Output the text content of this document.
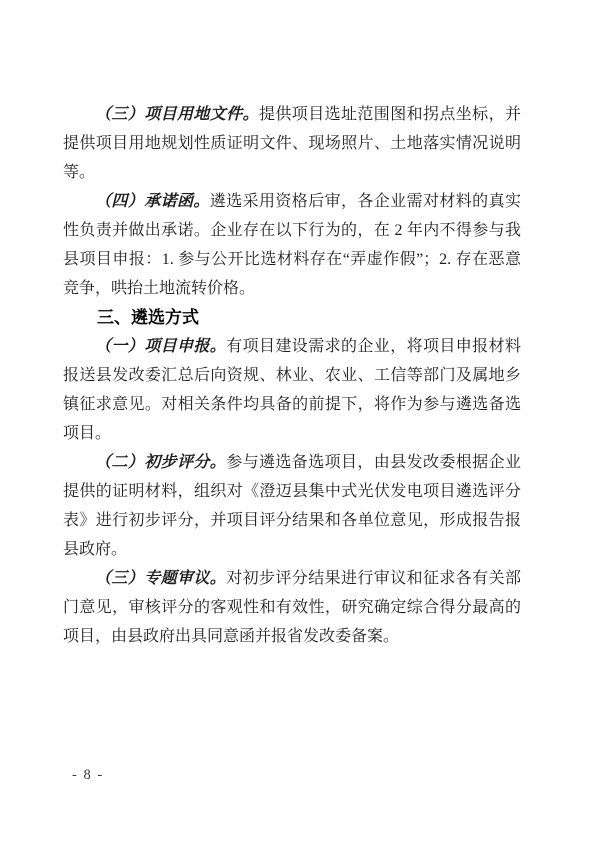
（三）项目用地文件。提供项目选址范围图和拐点坐标，并提供项目用地规划性质证明文件、现场照片、土地落实情况说明等。

（四）承诺函。遴选采用资格后审，各企业需对材料的真实性负责并做出承诺。企业存在以下行为的，在 2 年内不得参与我县项目申报：1. 参与公开比选材料存在“弄虚作假”；2. 存在恶意竞争，哄抬土地流转价格。

三、遴选方式

（一）项目申报。有项目建设需求的企业，将项目申报材料报送县发改委汇总后向资规、林业、农业、工信等部门及属地乡镇征求意见。对相关条件均具备的前提下，将作为参与遴选备选项目。

（二）初步评分。参与遴选备选项目，由县发改委根据企业提供的证明材料，组织对《澄迈县集中式光伏发电项目遴选评分表》进行初步评分，并项目评分结果和各单位意见，形成报告报县政府。

（三）专题审议。对初步评分结果进行审议和征求各有关部门意见，审核评分的客观性和有效性，研究确定综合得分最高的项目，由县政府出具同意函并报省发改委备案。

- 8 -
